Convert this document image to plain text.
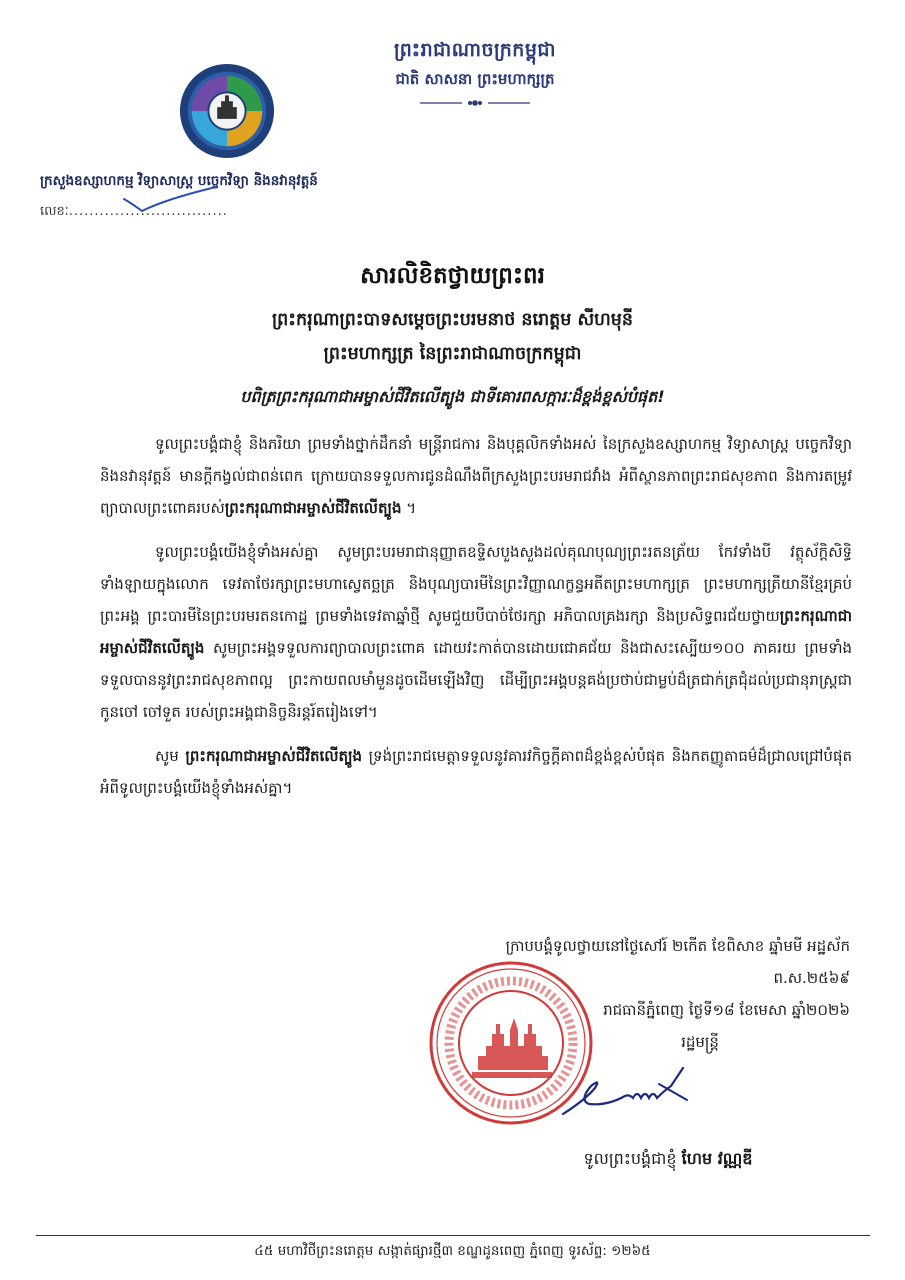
ព្រះរាជាណាចក្រកម្ពុជា
ជាតិ សាសនា ព្រះមហាក្សត្រ
ក្រសួងឧស្សាហកម្ម វិទ្យាសាស្ត្រ បច្ចេកវិទ្យា និងនវានុវត្តន៍
លេខៈ...............................
សារលិខិតថ្វាយព្រះពរ
ព្រះករុណាព្រះបាទសម្ដេចព្រះបរមនាថ នរោត្តម សីហមុនី
ព្រះមហាក្សត្រ នៃព្រះរាជាណាចក្រកម្ពុជា
បពិត្រព្រះករុណាជាអម្ចាស់ជីវិតលើត្បូង ជាទីគោរពសក្ការៈដ៏ខ្ពង់ខ្ពស់បំផុត!

ទូលព្រះបង្គំជាខ្ញុំ និងភរិយា ព្រមទាំងថ្នាក់ដឹកនាំ មន្ត្រីរាជការ និងបុគ្គលិកទាំងអស់ នៃក្រសួងឧស្សាហកម្ម វិទ្យាសាស្ត្រ បច្ចេកវិទ្យា និងនវានុវត្តន៍ មានក្ដីកង្វល់ជាពន់ពេក ក្រោយបានទទួលការជូនដំណឹងពីក្រសួងព្រះបរមរាជវាំង អំពីស្ថានភាពព្រះរាជសុខភាព និងការតម្រូវព្យាបាលព្រះពោគរបស់ព្រះករុណាជាអម្ចាស់ជីវិតលើត្បូង ។

ទូលព្រះបង្គំយើងខ្ញុំទាំងអស់គ្នា សូមព្រះបរមរាជានុញ្ញាតឧទ្ទិសបួងសួងដល់គុណបុណ្យព្រះរតនត្រ័យ កែវទាំងបី វត្ថុស័ក្ដិសិទ្ធិទាំងឡាយក្នុងលោក ទេវតាថែរក្សាព្រះមហាស្វេតច្ឆត្រ និងបុណ្យបារមីនៃព្រះវិញ្ញាណក្ខន្ធអតីតព្រះមហាក្សត្រ ព្រះមហាក្សត្រីយានីខ្មែរគ្រប់ព្រះអង្គ ព្រះបារមីនៃព្រះបរមរតនកោដ្ឋ ព្រមទាំងទេវតាឆ្នាំថ្មី សូមជួយបីបាច់ថែរក្សា អភិបាលគ្រងរក្សា និងប្រសិទ្ធពរជ័យថ្វាយព្រះករុណាជាអម្ចាស់ជីវិតលើត្បូង សូមព្រះអង្គទទួលការព្យាបាលព្រះពោគ ដោយវះកាត់បានដោយជោគជ័យ និងជាសះស្បើយ១០០ ភាគរយ ព្រមទាំងទទួលបាននូវព្រះរាជសុខភាពល្អ ព្រះកាយពលមាំមួនដូចដើមឡើងវិញ ដើម្បីព្រះអង្គបន្តគង់ប្រថាប់ជាម្លប់ដ៏ត្រជាក់ត្រជុំដល់ប្រជានុរាស្ត្រជាកូនចៅ ចៅទួត របស់ព្រះអង្គជានិច្ចនិរន្តរ៍តរៀងទៅ។

សូម ព្រះករុណាជាអម្ចាស់ជីវិតលើត្បូង ទ្រង់ព្រះរាជមេត្តាទទួលនូវគារវកិច្ចក្ដីគាពដ៏ខ្ពង់ខ្ពស់បំផុត និងកតញ្ញូតាធម៌ដ៏ជ្រាលជ្រៅបំផុតអំពីទូលព្រះបង្គំយើងខ្ញុំទាំងអស់គ្នា។

ក្រាបបង្គំទូលថ្វាយនៅថ្ងៃសៅរ៍ ២កើត ខែពិសាខ ឆ្នាំមមី អដ្ឋស័ក ព.ស.២៥៦៩
រាជធានីភ្នំពេញ ថ្ងៃទី១៨ ខែមេសា ឆ្នាំ២០២៦
រដ្ឋមន្ត្រី
ទូលព្រះបង្គំជាខ្ញុំ ហែម វណ្ណឌី
៤៥ មហាវិថីព្រះនរោត្តម សង្កាត់ផ្សារថ្មី៣ ខណ្ឌដូនពេញ ភ្នំពេញ ទូរស័ព្ទ: ១២៦៥
